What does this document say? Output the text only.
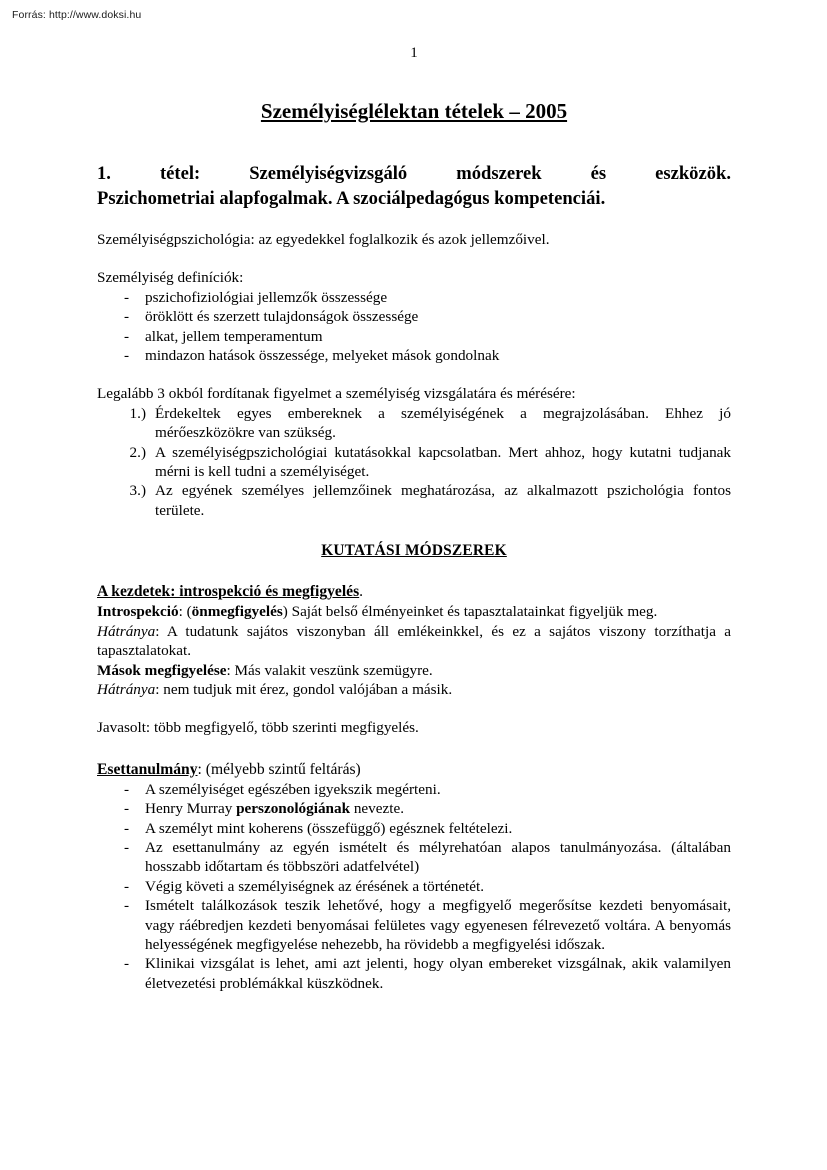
Forrás: http://www.doksi.hu
1
Személyiséglélektan tételek – 2005
1. tétel: Személyiségvizsgáló módszerek és eszközök.
Pszichometriai alapfogalmak. A szociálpedagógus kompetenciái.

Személyiségpszichológia: az egyedekkel foglalkozik és azok jellemzőivel.

Személyiség definíciók:

- pszichofiziológiai jellemzők összessége
- öröklött és szerzett tulajdonságok összessége
- alkat, jellem temperamentum
- mindazon hatások összessége, melyeket mások gondolnak

Legalább 3 okból fordítanak figyelmet a személyiség vizsgálatára és mérésére:

1.) Érdekeltek egyes embereknek a személyiségének a megrajzolásában. Ehhez jó mérőeszközökre van szükség.
2.) A személyiségpszichológiai kutatásokkal kapcsolatban. Mert ahhoz, hogy kutatni tudjanak mérni is kell tudni a személyiséget.
3.) Az egyének személyes jellemzőinek meghatározása, az alkalmazott pszichológia fontos területe.
KUTATÁSI MÓDSZEREK
A kezdetek: introspekció és megfigyelés.

Introspekció: (önmegfigyelés) Saját belső élményeinket és tapasztalatainkat figyeljük meg.

Hátránya: A tudatunk sajátos viszonyban áll emlékeinkkel, és ez a sajátos viszony torzíthatja a tapasztalatokat.

Mások megfigyelése: Más valakit veszünk szemügyre.

Hátránya: nem tudjuk mit érez, gondol valójában a másik.

Javasolt: több megfigyelő, több szerinti megfigyelés.

Esettanulmány: (mélyebb szintű feltárás)
- A személyiséget egészében igyekszik megérteni.
- Henry Murray perszonológiának nevezte.
- A személyt mint koherens (összefüggő) egésznek feltételezi.
- Az esettanulmány az egyén ismételt és mélyrehatóan alapos tanulmányozása. (általában hosszabb időtartam és többszöri adatfelvétel)
- Végig követi a személyiségnek az érésének a történetét.
- Ismételt találkozások teszik lehetővé, hogy a megfigyelő megerősítse kezdeti benyomásait, vagy ráébredjen kezdeti benyomásai felületes vagy egyenesen félrevezető voltára. A benyomás helyességének megfigyelése nehezebb, ha rövidebb a megfigyelési időszak.
- Klinikai vizsgálat is lehet, ami azt jelenti, hogy olyan embereket vizsgálnak, akik valamilyen életvezetési problémákkal küszködnek.
